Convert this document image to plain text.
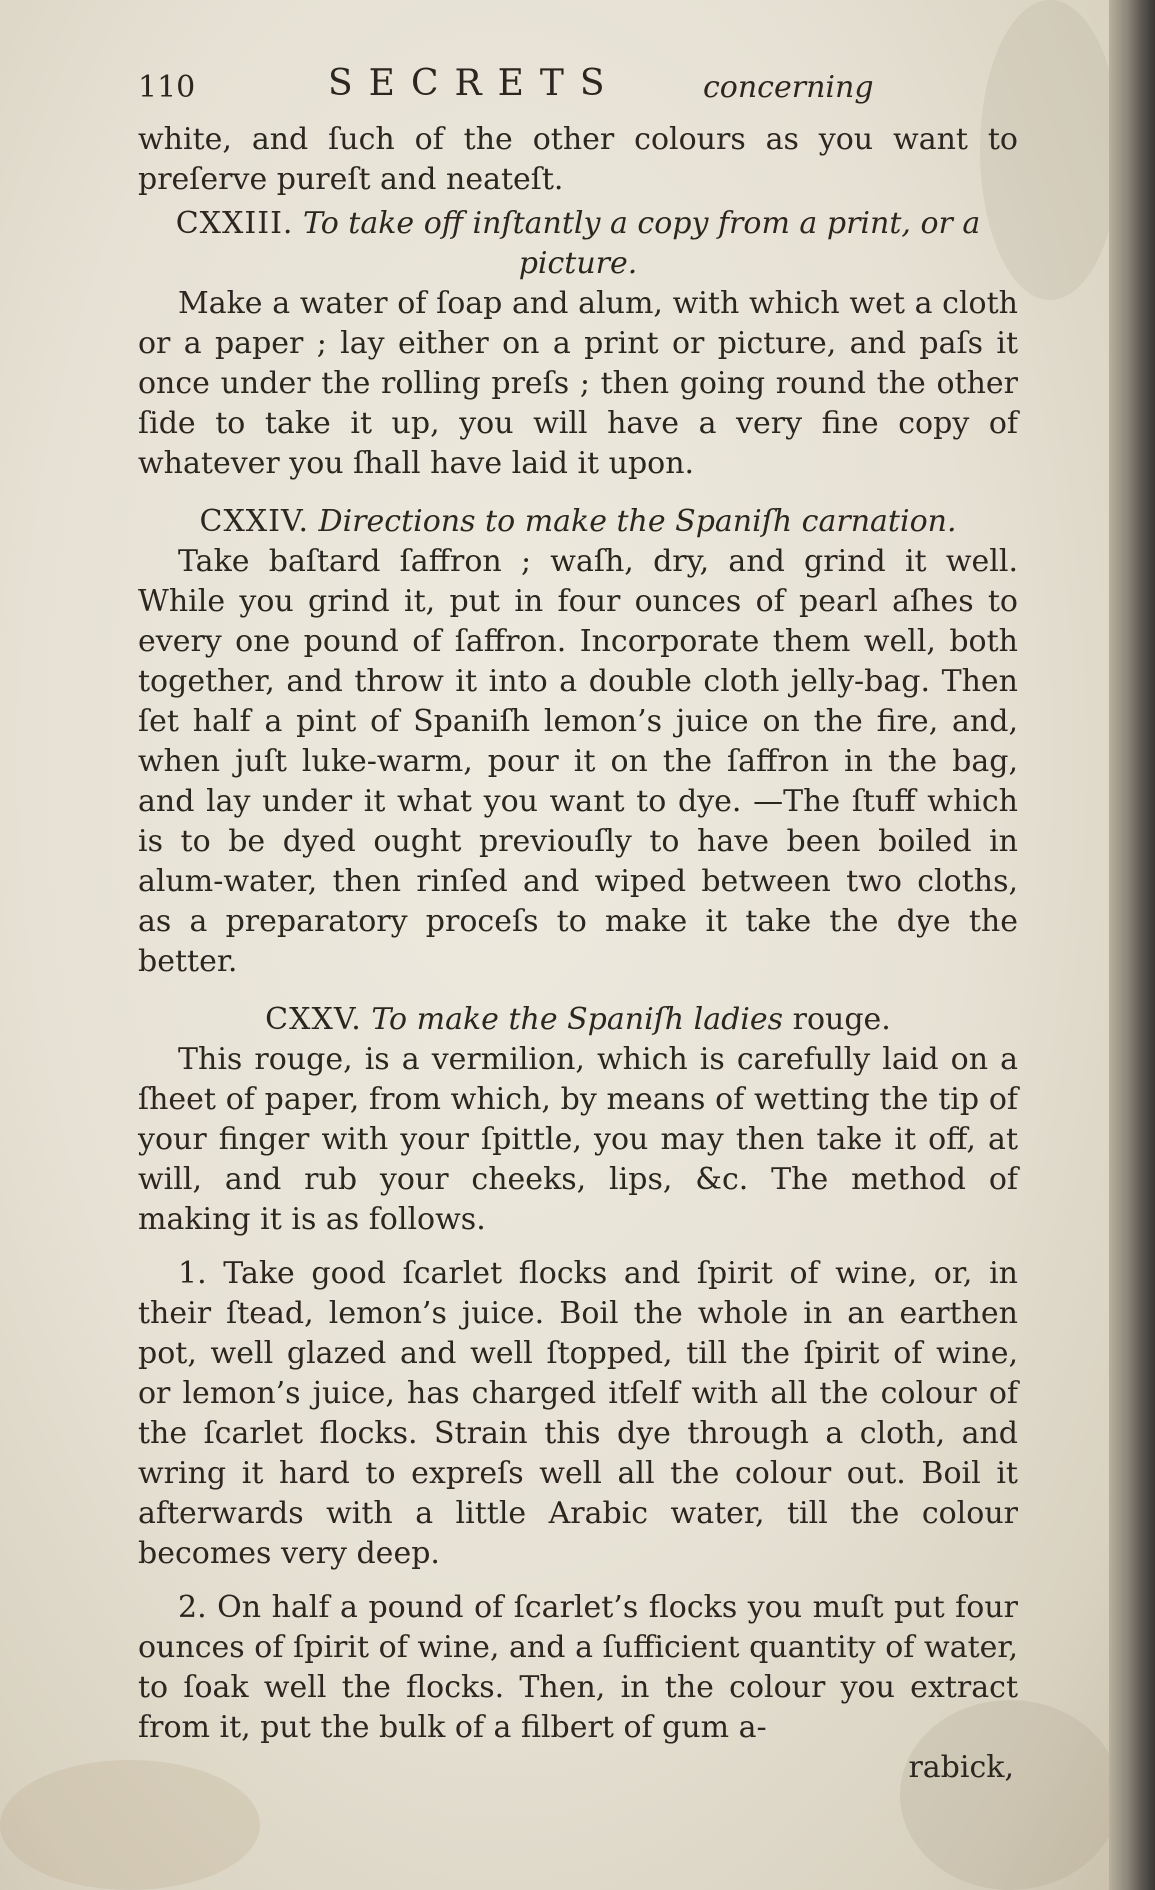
110	SECRETS	concerning

white, and ſuch of the other colours as you want to preſerve pureſt and neateſt.

CXXIII. To take off inſtantly a copy from a print, or a picture.

Make a water of ſoap and alum, with which wet a cloth or a paper ; lay either on a print or picture, and paſs it once under the rolling preſs ; then going round the other ſide to take it up, you will have a very fine copy of whatever you ſhall have laid it upon.

CXXIV. Directions to make the Spaniſh carnation.

Take baſtard ſaffron ; waſh, dry, and grind it well. While you grind it, put in four ounces of pearl aſhes to every one pound of ſaffron. Incorporate them well, both together, and throw it into a double cloth jelly-bag. Then ſet half a pint of Spaniſh lemon’s juice on the fire, and, when juſt luke-warm, pour it on the ſaffron in the bag, and lay under it what you want to dye. —The ſtuff which is to be dyed ought previouſly to have been boiled in alum-water, then rinſed and wiped between two cloths, as a preparatory proceſs to make it take the dye the better.

CXXV. To make the Spaniſh ladies rouge.

This rouge, is a vermilion, which is carefully laid on a ſheet of paper, from which, by means of wetting the tip of your finger with your ſpittle, you may then take it off, at will, and rub your cheeks, lips, &c. The method of making it is as follows.

1. Take good ſcarlet flocks and ſpirit of wine, or, in their ſtead, lemon’s juice. Boil the whole in an earthen pot, well glazed and well ſtopped, till the ſpirit of wine, or lemon’s juice, has charged itſelf with all the colour of the ſcarlet flocks. Strain this dye through a cloth, and wring it hard to expreſs well all the colour out. Boil it afterwards with a little Arabic water, till the colour becomes very deep.

2. On half a pound of ſcarlet’s flocks you muſt put four ounces of ſpirit of wine, and a ſufficient quantity of water, to ſoak well the flocks. Then, in the colour you extract from it, put the bulk of a filbert of gum a-

rabick,
